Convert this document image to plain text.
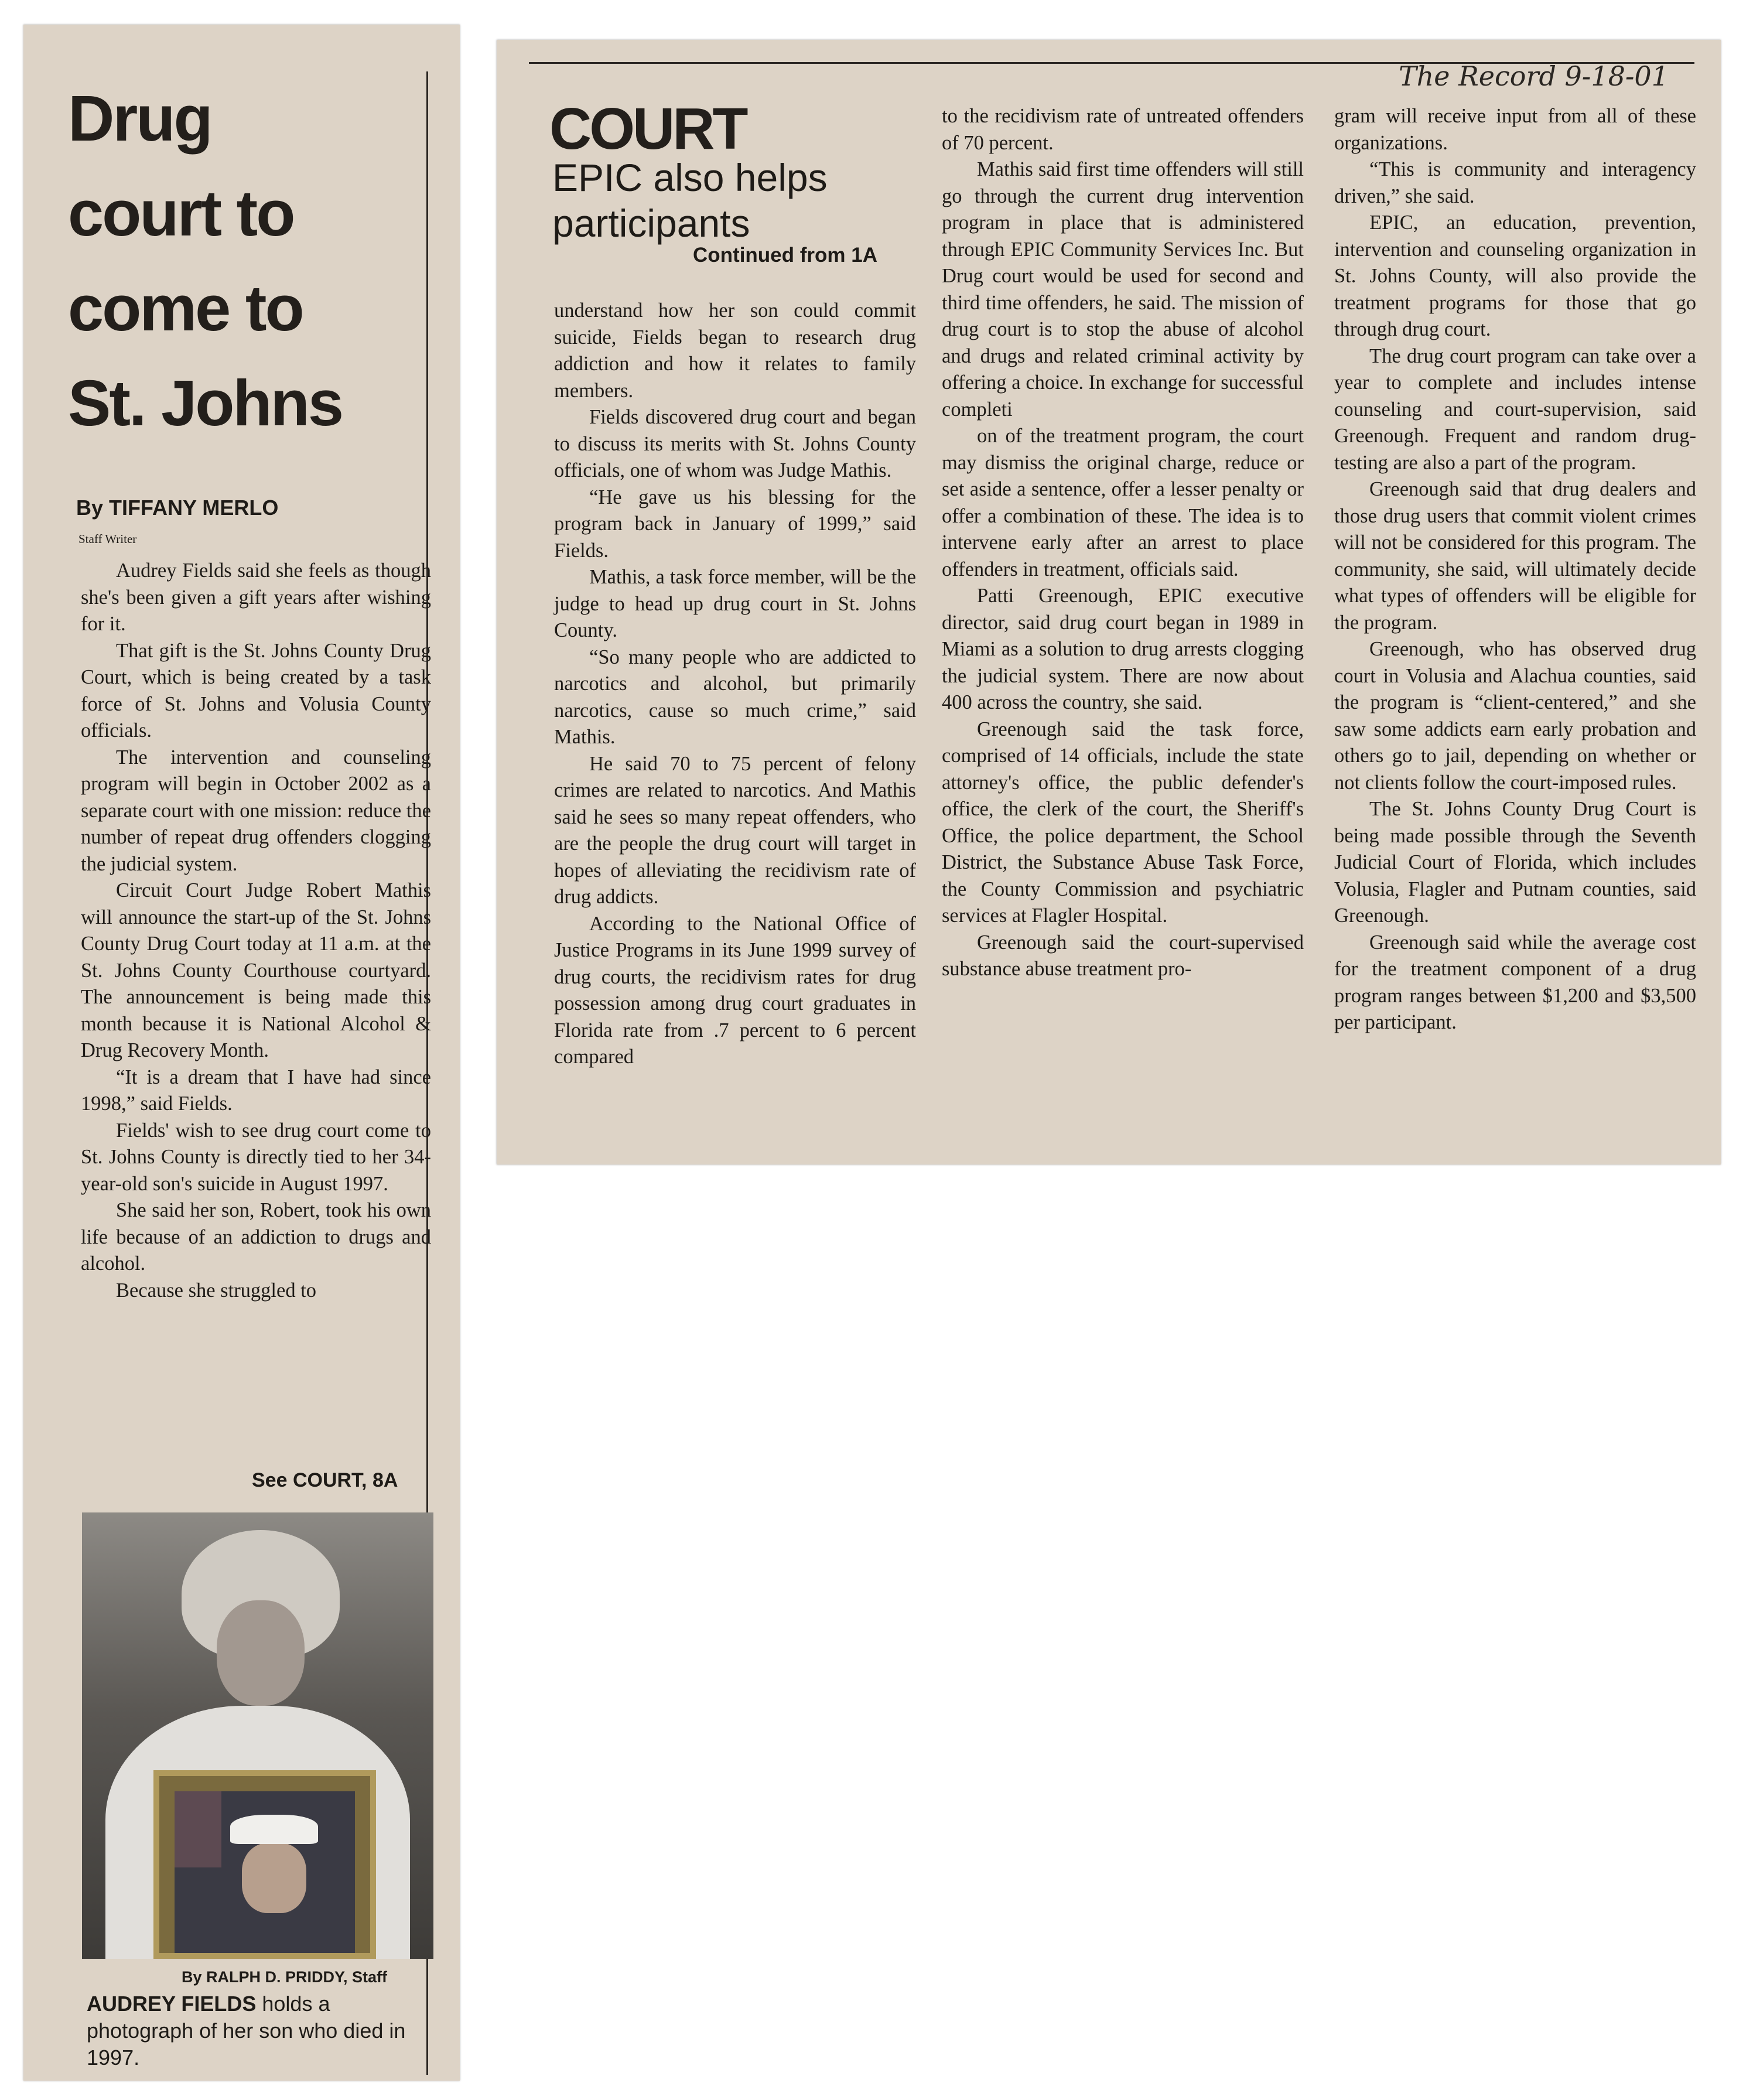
Drug
court to
come to
St. Johns
By TIFFANY MERLO
Staff Writer

Audrey Fields said she feels as though she's been given a gift years after wishing for it.

That gift is the St. Johns County Drug Court, which is being created by a task force of St. Johns and Volusia County officials.

The intervention and counseling program will begin in October 2002 as a separate court with one mission: reduce the number of repeat drug offenders clogging the judicial system.

Circuit Court Judge Robert Mathis will announce the start-up of the St. Johns County Drug Court today at 11 a.m. at the St. Johns County Courthouse courtyard. The announcement is being made this month because it is National Alcohol & Drug Recovery Month.

“It is a dream that I have had since 1998,” said Fields.

Fields' wish to see drug court come to St. Johns County is directly tied to her 34-year-old son's suicide in August 1997.

She said her son, Robert, took his own life because of an addiction to drugs and alcohol.

Because she struggled to

See COURT, 8A
By RALPH D. PRIDDY, Staff
AUDREY FIELDS holds a photograph of her son who died in 1997.
The Record 9-18-01
COURT
EPIC also helps participants
Continued from 1A

understand how her son could commit suicide, Fields began to research drug addiction and how it relates to family members.

Fields discovered drug court and began to discuss its merits with St. Johns County officials, one of whom was Judge Mathis.

“He gave us his blessing for the program back in January of 1999,” said Fields.

Mathis, a task force member, will be the judge to head up drug court in St. Johns County.

“So many people who are addicted to narcotics and alcohol, but primarily narcotics, cause so much crime,” said Mathis.

He said 70 to 75 percent of felony crimes are related to narcotics. And Mathis said he sees so many repeat offenders, who are the people the drug court will target in hopes of alleviating the recidivism rate of drug addicts.

According to the National Office of Justice Programs in its June 1999 survey of drug courts, the recidivism rates for drug possession among drug court graduates in Florida rate from .7 percent to 6 percent compared

to the recidivism rate of untreated offenders of 70 percent.

Mathis said first time offenders will still go through the current drug intervention program in place that is administered through EPIC Community Services Inc. But Drug court would be used for second and third time offenders, he said. The mission of drug court is to stop the abuse of alcohol and drugs and related criminal activity by offering a choice. In exchange for successful completi

on of the treatment program, the court may dismiss the original charge, reduce or set aside a sentence, offer a lesser penalty or offer a combination of these. The idea is to intervene early after an arrest to place offenders in treatment, officials said.

Patti Greenough, EPIC executive director, said drug court began in 1989 in Miami as a solution to drug arrests clogging the judicial system. There are now about 400 across the country, she said.

Greenough said the task force, comprised of 14 officials, include the state attorney's office, the public defender's office, the clerk of the court, the Sheriff's Office, the police department, the School District, the Substance Abuse Task Force, the County Commission and psychiatric services at Flagler Hospital.

Greenough said the court-supervised substance abuse treatment pro-

gram will receive input from all of these organizations.

“This is community and interagency driven,” she said.

EPIC, an education, prevention, intervention and counseling organization in St. Johns County, will also provide the treatment programs for those that go through drug court.

The drug court program can take over a year to complete and includes intense counseling and court-supervision, said Greenough. Frequent and random drug-testing are also a part of the program.

Greenough said that drug dealers and those drug users that commit violent crimes will not be considered for this program. The community, she said, will ultimately decide what types of offenders will be eligible for the program.

Greenough, who has observed drug court in Volusia and Alachua counties, said the program is “client-centered,” and she saw some addicts earn early probation and others go to jail, depending on whether or not clients follow the court-imposed rules.

The St. Johns County Drug Court is being made possible through the Seventh Judicial Court of Florida, which includes Volusia, Flagler and Putnam counties, said Greenough.

Greenough said while the average cost for the treatment component of a drug program ranges between $1,200 and $3,500 per participant.
